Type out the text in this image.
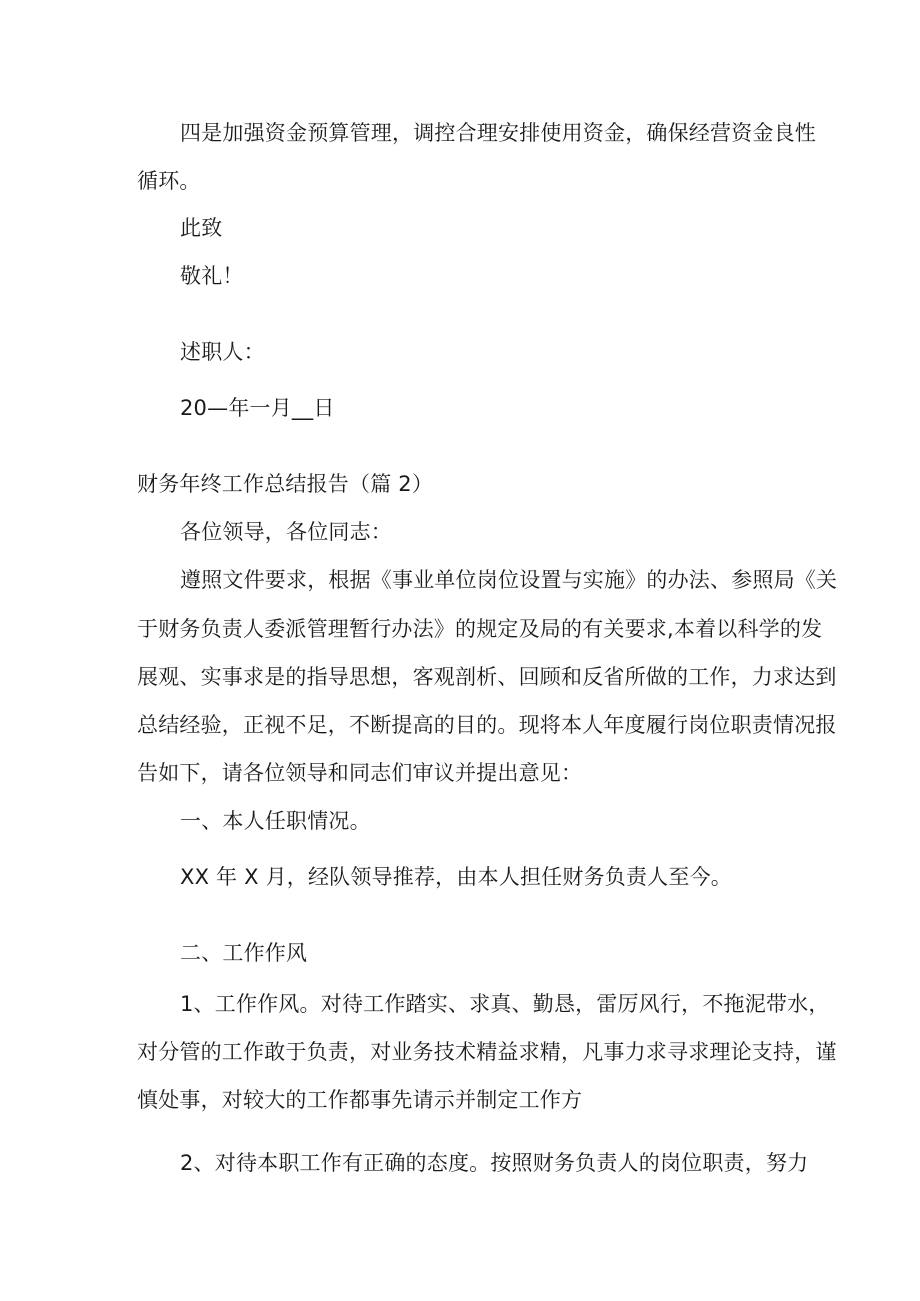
四是加强资金预算管理，调控合理安排使用资金，确保经营资金良性
循环。
此致
敬礼！
述职人：
20—年一月__日
财务年终工作总结报告（篇 2）
各位领导，各位同志：
遵照文件要求，根据《事业单位岗位设置与实施》的办法、参照局《关
于财务负责人委派管理暂行办法》的规定及局的有关要求,本着以科学的发
展观、实事求是的指导思想，客观剖析、回顾和反省所做的工作，力求达到
总结经验，正视不足，不断提高的目的。现将本人年度履行岗位职责情况报
告如下，请各位领导和同志们审议并提出意见：
一、本人任职情况。
XX 年 X 月，经队领导推荐，由本人担任财务负责人至今。
二、工作作风
1、工作作风。对待工作踏实、求真、勤恳，雷厉风行，不拖泥带水，
对分管的工作敢于负责，对业务技术精益求精，凡事力求寻求理论支持，谨
慎处事，对较大的工作都事先请示并制定工作方
2、对待本职工作有正确的态度。按照财务负责人的岗位职责，努力
